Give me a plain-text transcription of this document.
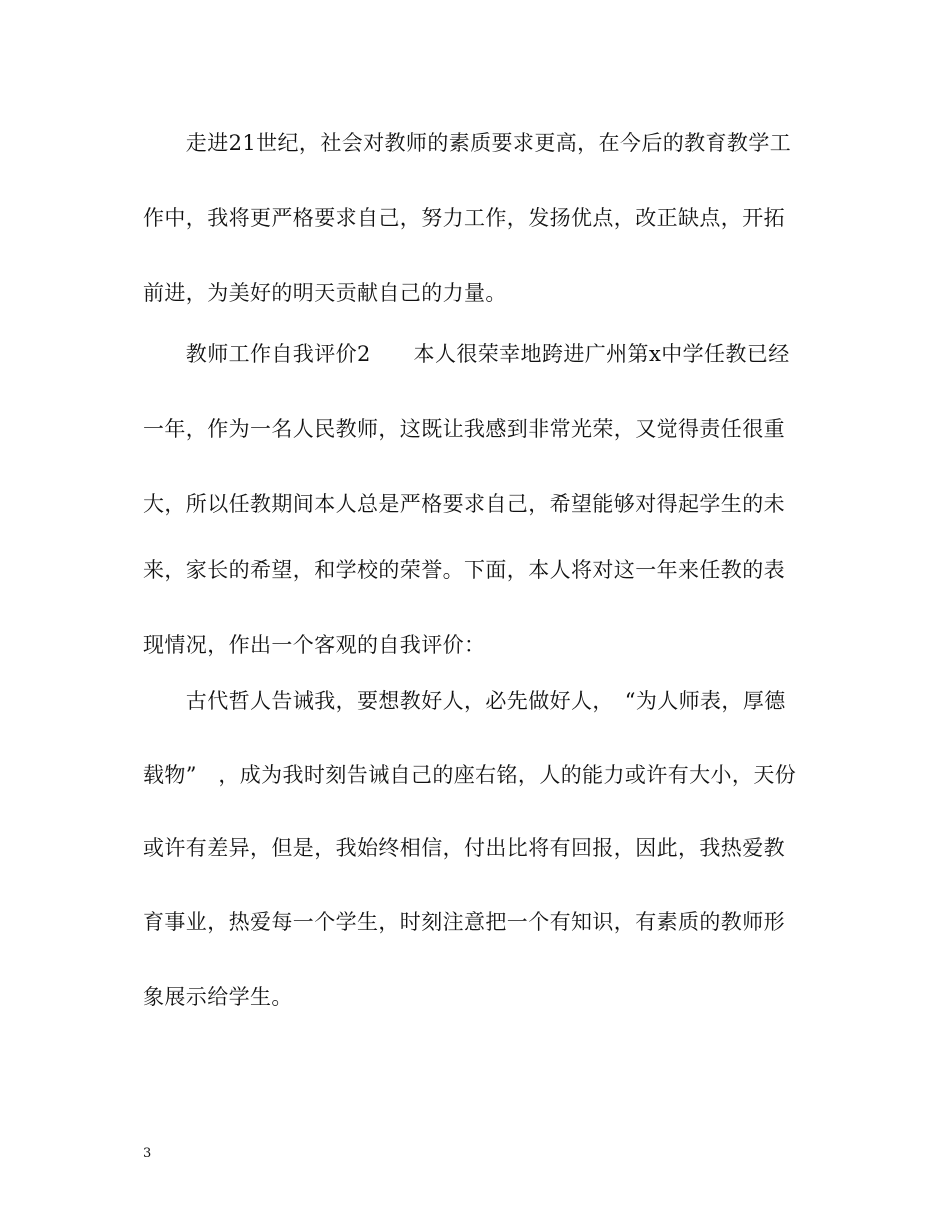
　　走进21世纪，社会对教师的素质要求更高，在今后的教育教学工
作中，我将更严格要求自己，努力工作，发扬优点，改正缺点，开拓
前进，为美好的明天贡献自己的力量。
　　教师工作自我评价2　　本人很荣幸地跨进广州第x中学任教已经
一年，作为一名人民教师，这既让我感到非常光荣，又觉得责任很重
大，所以任教期间本人总是严格要求自己，希望能够对得起学生的未
来，家长的希望，和学校的荣誉。下面，本人将对这一年来任教的表
现情况，作出一个客观的自我评价：
　　古代哲人告诫我，要想教好人，必先做好人，　“为人师表，厚德
载物”　，成为我时刻告诫自己的座右铭，人的能力或许有大小，天份
或许有差异，但是，我始终相信，付出比将有回报，因此，我热爱教
育事业，热爱每一个学生，时刻注意把一个有知识，有素质的教师形
象展示给学生。
3
